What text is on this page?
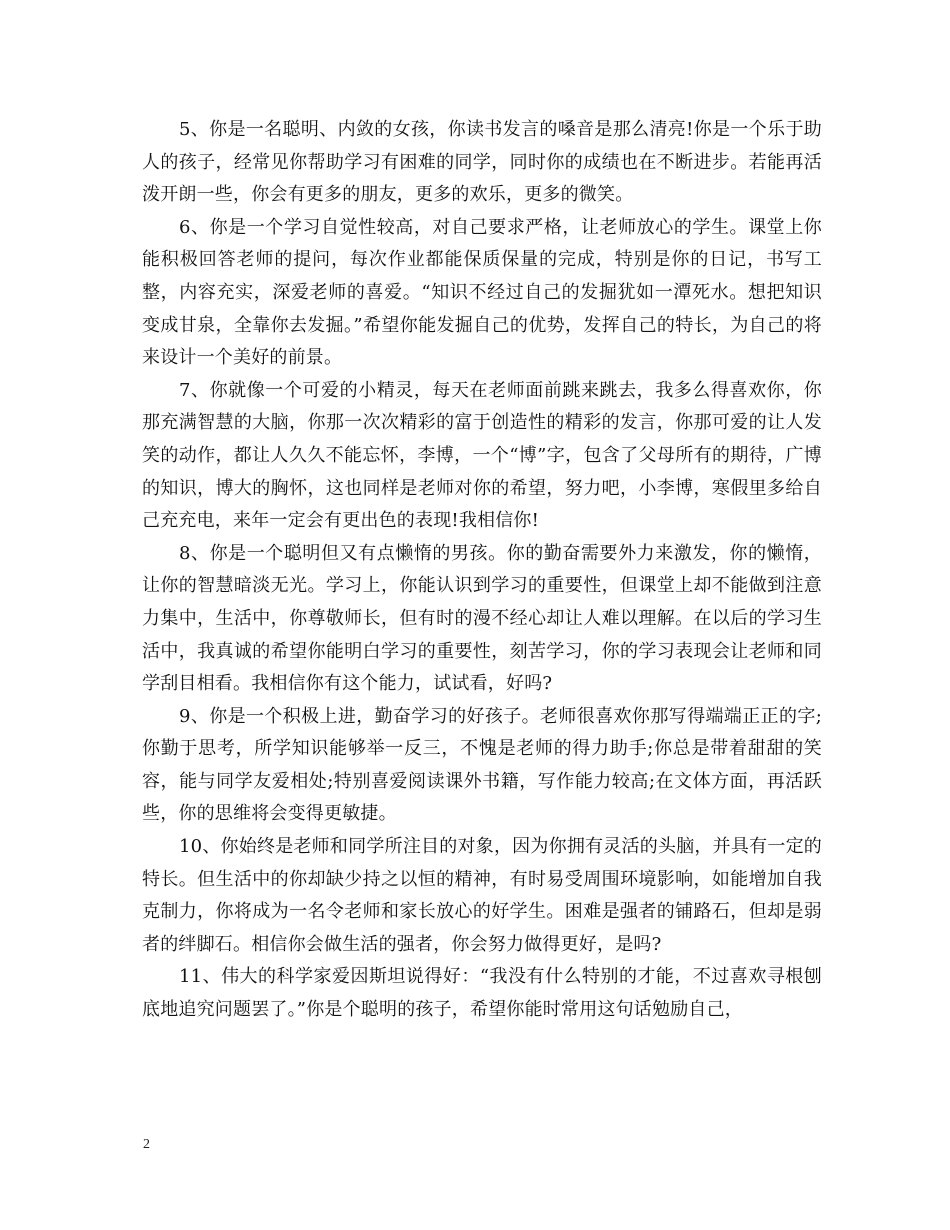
5、你是一名聪明、内敛的女孩，你读书发言的嗓音是那么清亮!你是一个乐于助人的孩子，经常见你帮助学习有困难的同学，同时你的成绩也在不断进步。若能再活泼开朗一些，你会有更多的朋友，更多的欢乐，更多的微笑。

6、你是一个学习自觉性较高，对自己要求严格，让老师放心的学生。课堂上你能积极回答老师的提问，每次作业都能保质保量的完成，特别是你的日记，书写工整，内容充实，深爱老师的喜爱。“知识不经过自己的发掘犹如一潭死水。想把知识变成甘泉，全靠你去发掘。”希望你能发掘自己的优势，发挥自己的特长，为自己的将来设计一个美好的前景。

7、你就像一个可爱的小精灵，每天在老师面前跳来跳去，我多么得喜欢你，你那充满智慧的大脑，你那一次次精彩的富于创造性的精彩的发言，你那可爱的让人发笑的动作，都让人久久不能忘怀，李博，一个“博”字，包含了父母所有的期待，广博的知识，博大的胸怀，这也同样是老师对你的希望，努力吧，小李博，寒假里多给自己充充电，来年一定会有更出色的表现!我相信你!

8、你是一个聪明但又有点懒惰的男孩。你的勤奋需要外力来激发，你的懒惰，让你的智慧暗淡无光。学习上，你能认识到学习的重要性，但课堂上却不能做到注意力集中，生活中，你尊敬师长，但有时的漫不经心却让人难以理解。在以后的学习生活中，我真诚的希望你能明白学习的重要性，刻苦学习，你的学习表现会让老师和同学刮目相看。我相信你有这个能力，试试看，好吗?

9、你是一个积极上进，勤奋学习的好孩子。老师很喜欢你那写得端端正正的字;你勤于思考，所学知识能够举一反三，不愧是老师的得力助手;你总是带着甜甜的笑容，能与同学友爱相处;特别喜爱阅读课外书籍，写作能力较高;在文体方面，再活跃些，你的思维将会变得更敏捷。

10、你始终是老师和同学所注目的对象，因为你拥有灵活的头脑，并具有一定的特长。但生活中的你却缺少持之以恒的精神，有时易受周围环境影响，如能增加自我克制力，你将成为一名令老师和家长放心的好学生。困难是强者的铺路石，但却是弱者的绊脚石。相信你会做生活的强者，你会努力做得更好，是吗?

11、伟大的科学家爱因斯坦说得好：“我没有什么特别的才能，不过喜欢寻根刨底地追究问题罢了。”你是个聪明的孩子，希望你能时常用这句话勉励自己，

2
